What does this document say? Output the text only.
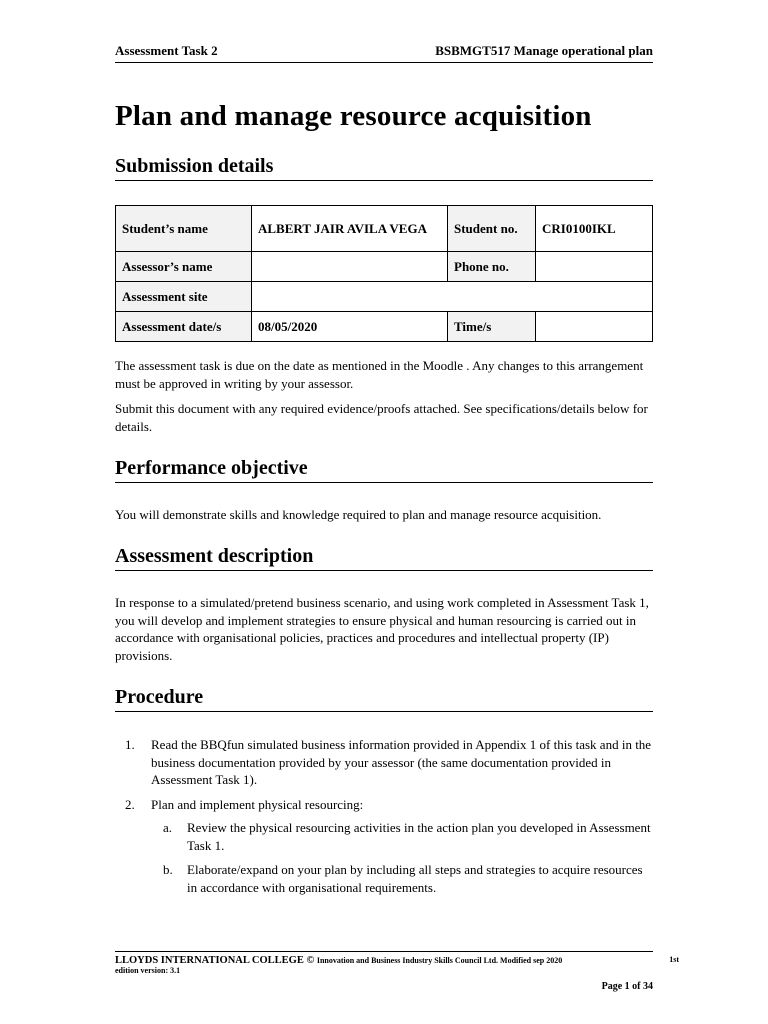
Assessment Task 2	BSBMGT517 Manage operational plan
Plan and manage resource acquisition
Submission details
Student’s name	ALBERT JAIR AVILA VEGA	Student no.	CRI0100IKL
Assessor’s name		Phone no.	
Assessment site			
Assessment date/s	08/05/2020	Time/s	

The assessment task is due on the date as mentioned in the Moodle . Any changes to this arrangement must be approved in writing by your assessor.

Submit this document with any required evidence/proofs attached. See specifications/details below for details.

Performance objective

You will demonstrate skills and knowledge required to plan and manage resource acquisition.

Assessment description

In response to a simulated/pretend business scenario, and using work completed in Assessment Task 1, you will develop and implement strategies to ensure physical and human resourcing is carried out in accordance with organisational policies, practices and procedures and intellectual property (IP) provisions.

Procedure
1. Read the BBQfun simulated business information provided in Appendix 1 of this task and in the business documentation provided by your assessor (the same documentation provided in Assessment Task 1).
2. Plan and implement physical resourcing:
a. Review the physical resourcing activities in the action plan you developed in Assessment Task 1.
b. Elaborate/expand on your plan by including all steps and strategies to acquire resources in accordance with organisational requirements.
LLOYDS INTERNATIONAL COLLEGE © Innovation and Business Industry Skills Council Ltd. Modified sep 2020	1st
edition version: 3.1
Page 1 of 34
